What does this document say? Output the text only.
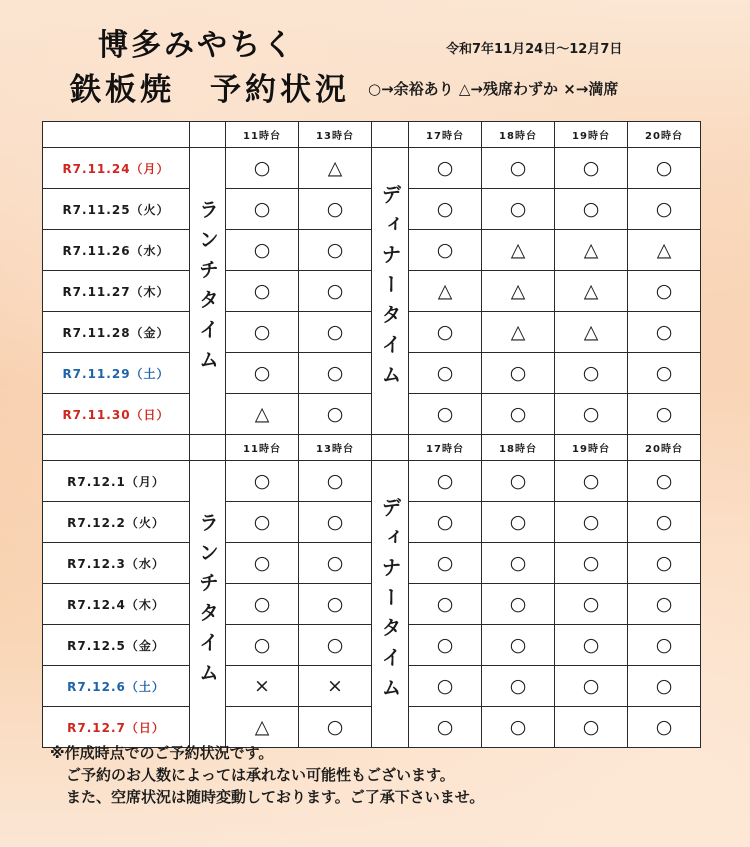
博多みやちく
鉄板焼　予約状況
令和7年11月24日～12月7日
○→余裕あり △→残席わずか ×→満席
		11時台	13時台		17時台	18時台	19時台	20時台
R7.11.24（月）	ランチタイム	○	△	ディナータイム	○	○	○	○
R7.11.25（火）		○	○		○	○	○	○
R7.11.26（水）		○	○		○	△	△	△
R7.11.27（木）		○	○		△	△	△	○
R7.11.28（金）		○	○		○	△	△	○
R7.11.29（土）		○	○		○	○	○	○
R7.11.30（日）		△	○		○	○	○	○
		11時台	13時台		17時台	18時台	19時台	20時台
R7.12.1（月）	ランチタイム	○	○	ディナータイム	○	○	○	○
R7.12.2（火）		○	○		○	○	○	○
R7.12.3（水）		○	○		○	○	○	○
R7.12.4（木）		○	○		○	○	○	○
R7.12.5（金）		○	○		○	○	○	○
R7.12.6（土）		×	×		○	○	○	○
R7.12.7（日）		△	○		○	○	○	○
※作成時点でのご予約状況です。
ご予約のお人数によっては承れない可能性もございます。
また、空席状況は随時変動しております。ご了承下さいませ。
